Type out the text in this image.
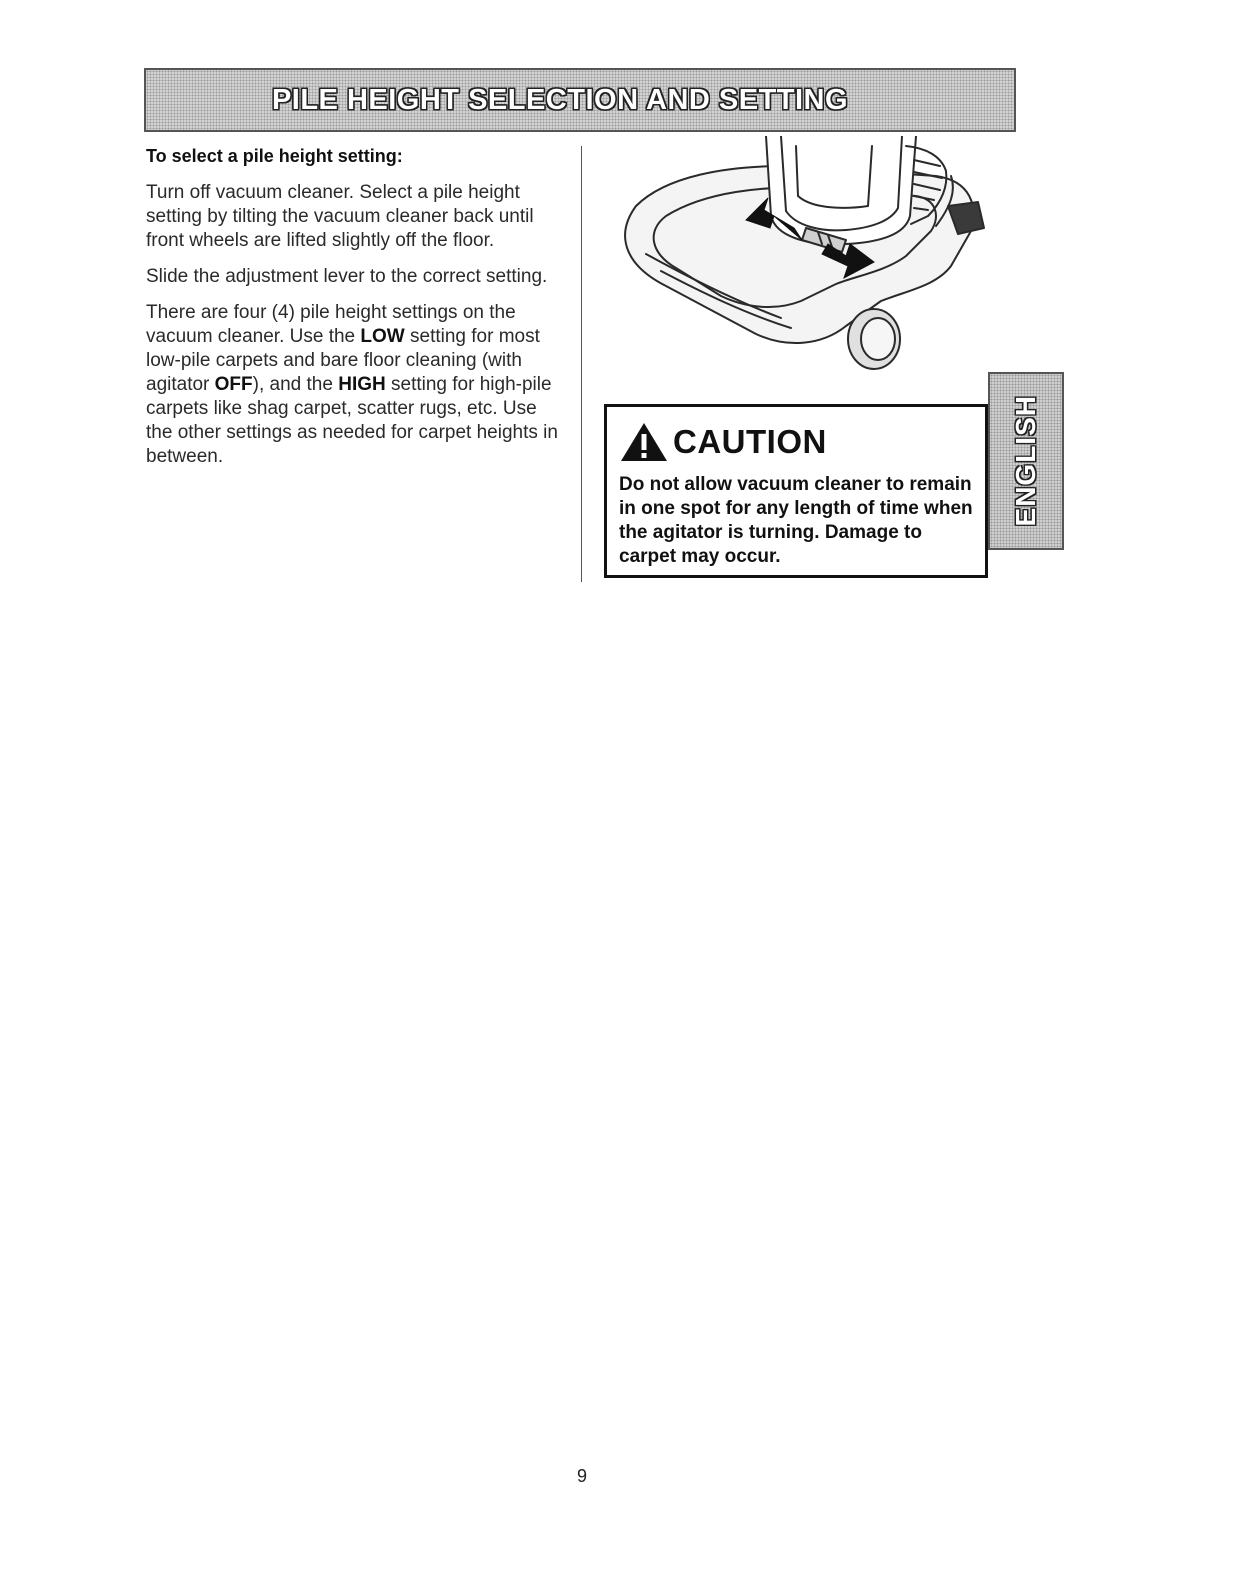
PILE HEIGHT SELECTION AND SETTING
To select a pile height setting:

Turn off vacuum cleaner. Select a pile height setting by tilting the vacuum cleaner back until front wheels are lifted slightly off the floor.

Slide the adjustment lever to the correct setting.

There are four (4) pile height settings on the vacuum cleaner. Use the LOW setting for most low-pile carpets and bare floor cleaning (with agitator OFF), and the HIGH setting for high-pile carpets like shag carpet, scatter rugs, etc. Use the other settings as needed for carpet heights in between.	CAUTION
Do not allow vacuum cleaner to remain in one spot for any length of time when the agitator is turning. Damage to carpet may occur.
ENGLISH
9
